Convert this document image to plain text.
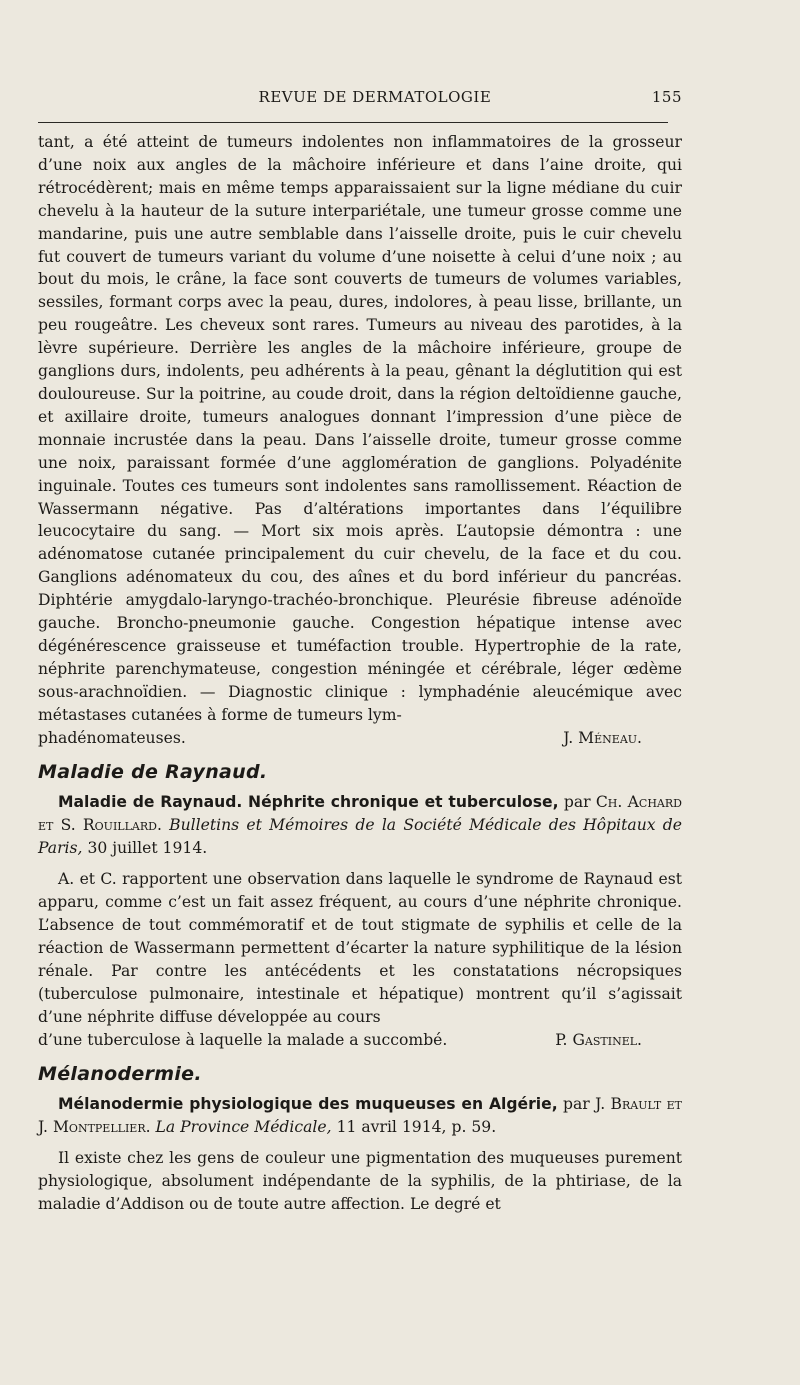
REVUE DE DERMATOLOGIE	155

tant, a été atteint de tumeurs indolentes non inflammatoires de la grosseur d’une noix aux angles de la mâchoire inférieure et dans l’aine droite, qui rétrocédèrent; mais en même temps apparaissaient sur la ligne médiane du cuir chevelu à la hauteur de la suture interpariétale, une tumeur grosse comme une mandarine, puis une autre semblable dans l’aisselle droite, puis le cuir chevelu fut couvert de tumeurs variant du volume d’une noisette à celui d’une noix ; au bout du mois, le crâne, la face sont couverts de tumeurs de volumes variables, sessiles, formant corps avec la peau, dures, indolores, à peau lisse, brillante, un peu rougeâtre. Les cheveux sont rares. Tumeurs au niveau des parotides, à la lèvre supérieure. Derrière les angles de la mâchoire inférieure, groupe de ganglions durs, indolents, peu adhérents à la peau, gênant la déglutition qui est douloureuse. Sur la poitrine, au coude droit, dans la région deltoïdienne gauche, et axillaire droite, tumeurs analogues donnant l’impression d’une pièce de monnaie incrustée dans la peau. Dans l’aisselle droite, tumeur grosse comme une noix, paraissant formée d’une agglomération de ganglions. Polyadénite inguinale. Toutes ces tumeurs sont indolentes sans ramollissement. Réaction de Wassermann négative. Pas d’altérations importantes dans l’équilibre leucocytaire du sang. — Mort six mois après. L’autopsie démontra : une adénomatose cutanée principalement du cuir chevelu, de la face et du cou. Ganglions adénomateux du cou, des aînes et du bord inférieur du pancréas. Diphtérie amygdalo-laryngo-trachéo-bronchique. Pleurésie fibreuse adénoïde gauche. Broncho-pneumonie gauche. Congestion hépatique intense avec dégénérescence graisseuse et tuméfaction trouble. Hypertrophie de la rate, néphrite parenchymateuse, congestion méningée et cérébrale, léger œdème sous-arachnoïdien. — Diagnostic clinique : lymphadénie aleucémique avec métastases cutanées à forme de tumeurs lym-

phadénomateuses.	J. Méneau.
Maladie de Raynaud.

Maladie de Raynaud. Néphrite chronique et tuberculose, par Ch. Achard et S. Rouillard. Bulletins et Mémoires de la Société Médicale des Hôpitaux de Paris, 30 juillet 1914.

A. et C. rapportent une observation dans laquelle le syndrome de Raynaud est apparu, comme c’est un fait assez fréquent, au cours d’une néphrite chronique. L’absence de tout commémoratif et de tout stigmate de syphilis et celle de la réaction de Wassermann permettent d’écarter la nature syphilitique de la lésion rénale. Par contre les antécédents et les constatations nécropsiques (tuberculose pulmonaire, intestinale et hépatique) montrent qu’il s’agissait d’une néphrite diffuse développée au cours

d’une tuberculose à laquelle la malade a succombé.	P. Gastinel.
Mélanodermie.

Mélanodermie physiologique des muqueuses en Algérie, par J. Brault et J. Montpellier. La Province Médicale, 11 avril 1914, p. 59.

Il existe chez les gens de couleur une pigmentation des muqueuses purement physiologique, absolument indépendante de la syphilis, de la phtiriase, de la maladie d’Addison ou de toute autre affection. Le degré et
